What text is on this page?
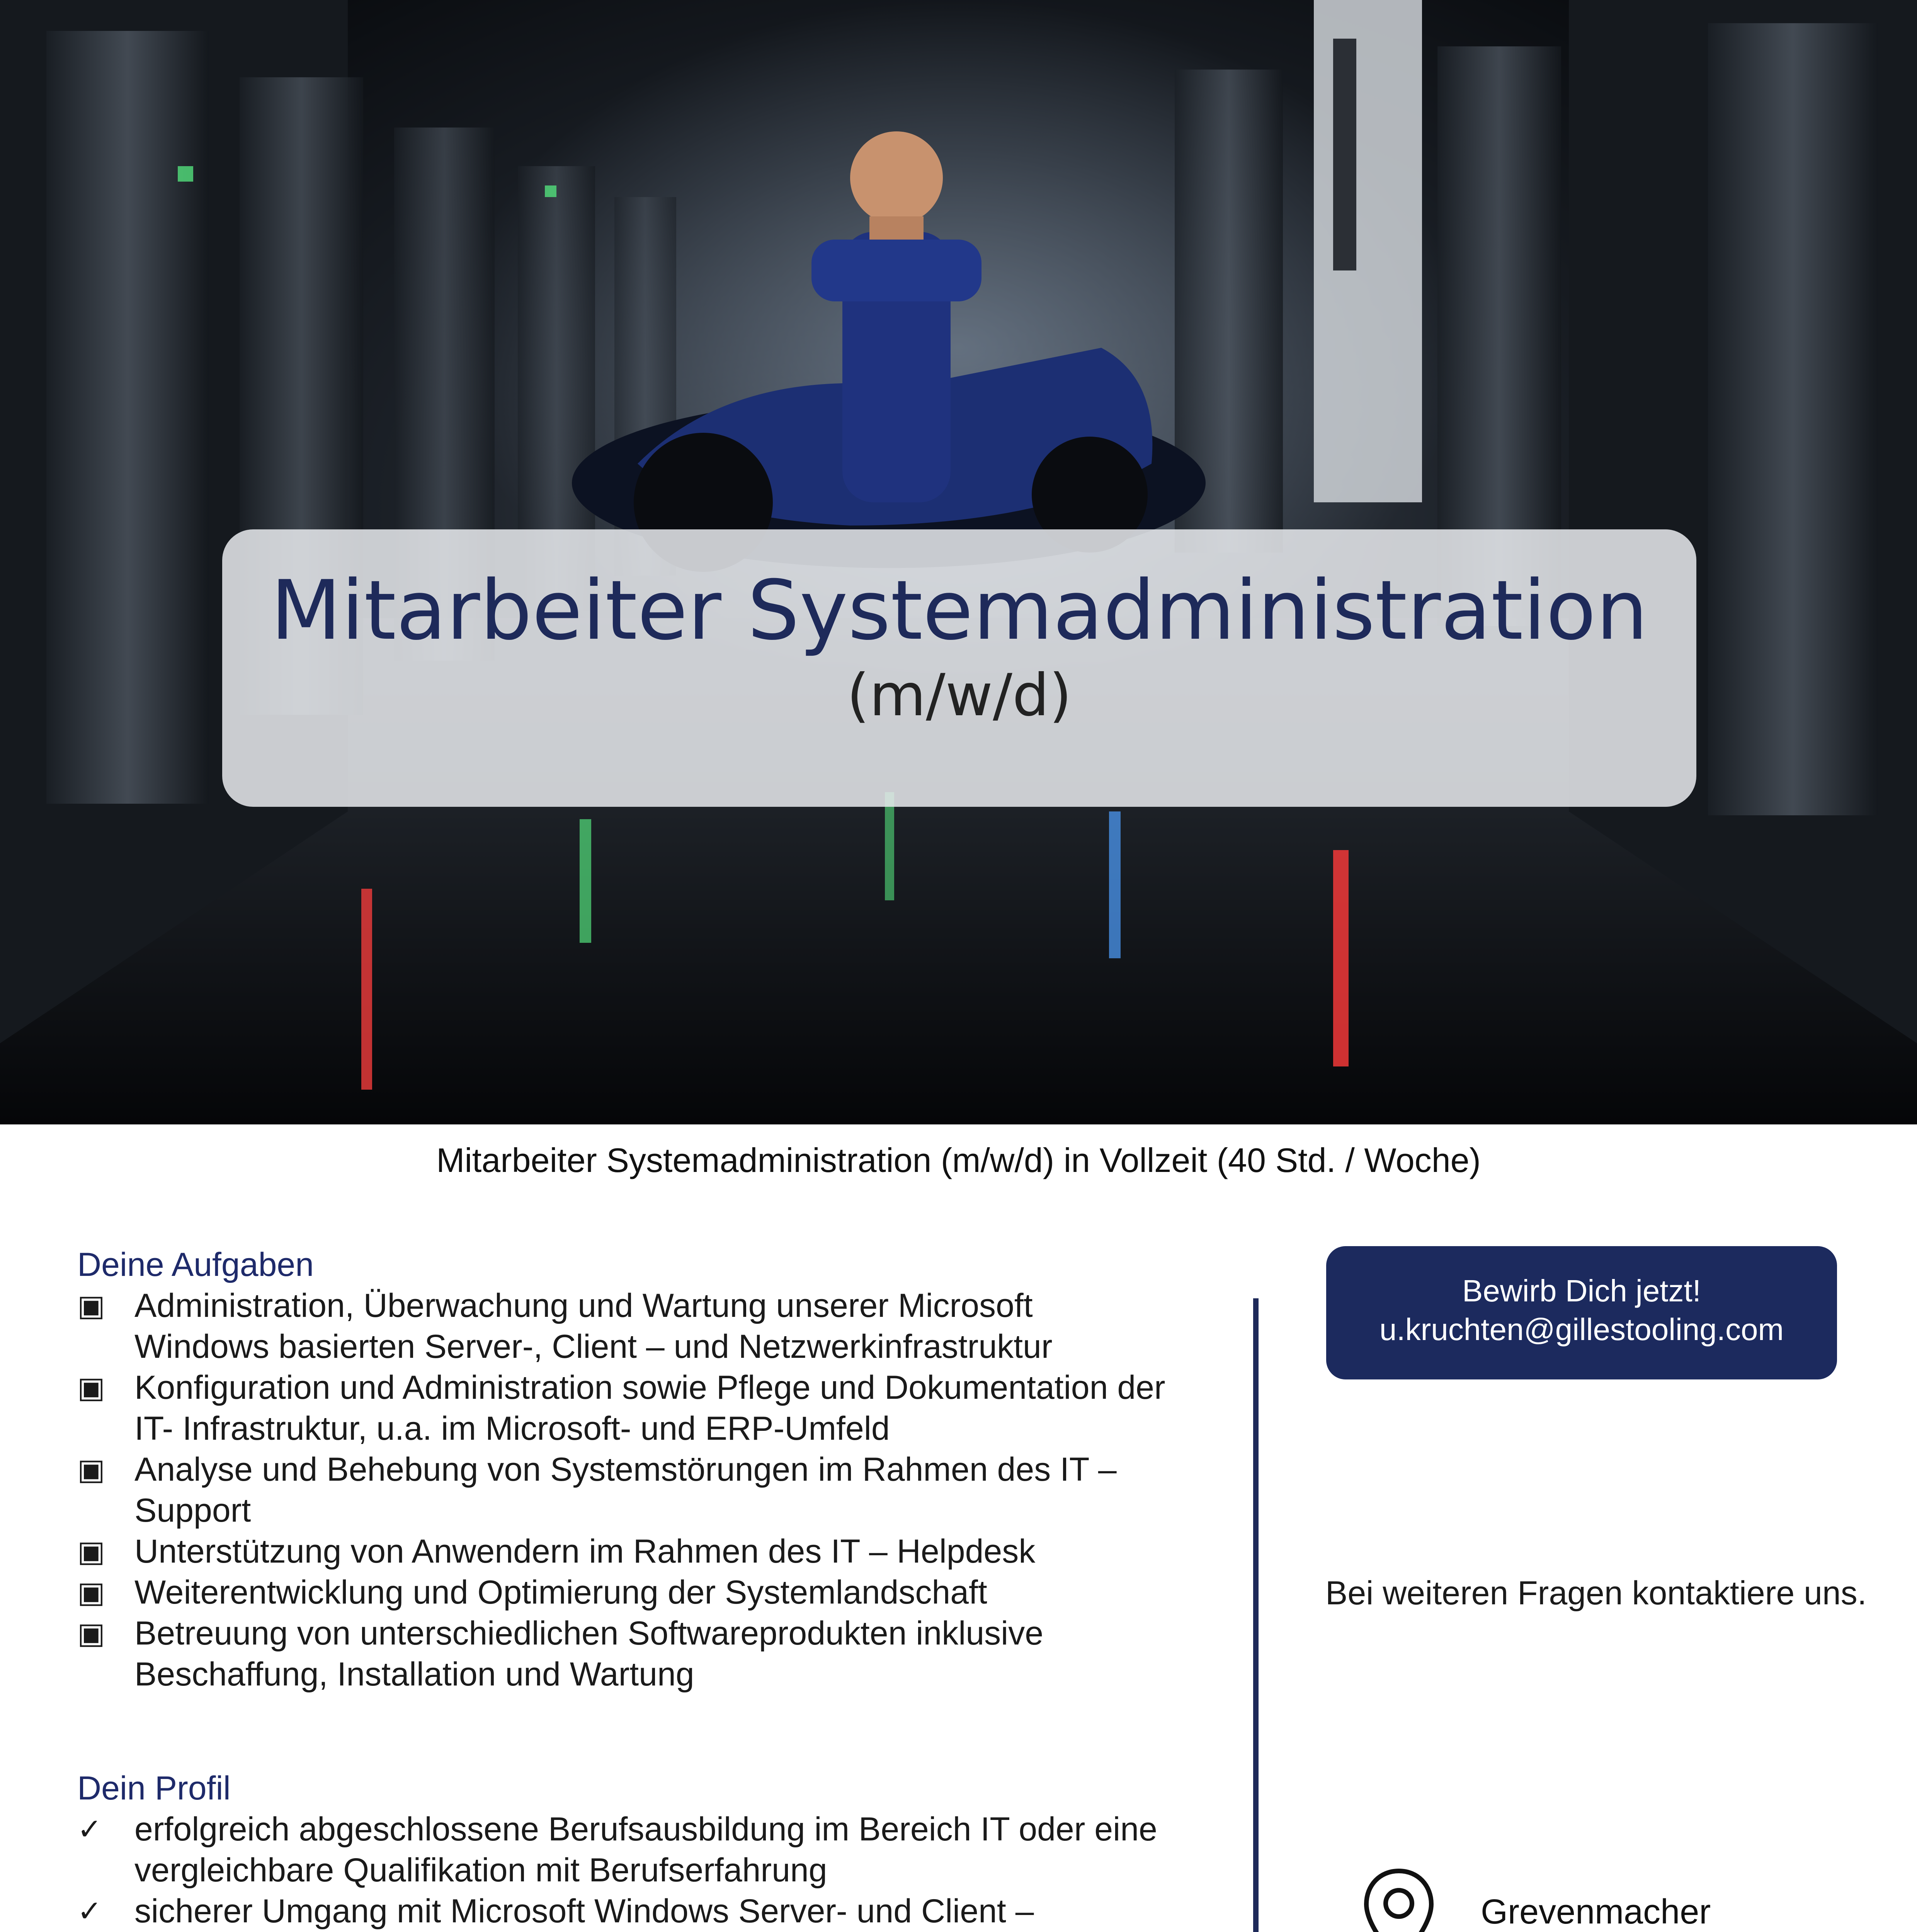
Mitarbeiter Systemadministration
(m/w/d)
Mitarbeiter Systemadministration (m/w/d) in Vollzeit (40 Std. / Woche)
Deine Aufgaben
▣ Administration, Überwachung und Wartung unserer Microsoft
Windows basierten Server-, Client – und Netzwerkinfrastruktur
▣ Konfiguration und Administration sowie Pflege und Dokumentation der
IT- Infrastruktur, u.a. im Microsoft- und ERP-Umfeld
▣ Analyse und Behebung von Systemstörungen im Rahmen des IT –
Support
▣ Unterstützung von Anwendern im Rahmen des IT – Helpdesk
▣ Weiterentwicklung und Optimierung der Systemlandschaft
▣ Betreuung von unterschiedlichen Softwareprodukten inklusive
Beschaffung, Installation und Wartung
Dein Profil
✓ erfolgreich abgeschlossene Berufsausbildung im Bereich IT oder eine
vergleichbare Qualifikation mit Berufserfahrung
✓ sicherer Umgang mit Microsoft Windows Server- und Client –
Bewirb Dich jetzt!
u.kruchten@gillestooling.com
Bei weiteren Fragen kontaktiere uns.
Grevenmacher
